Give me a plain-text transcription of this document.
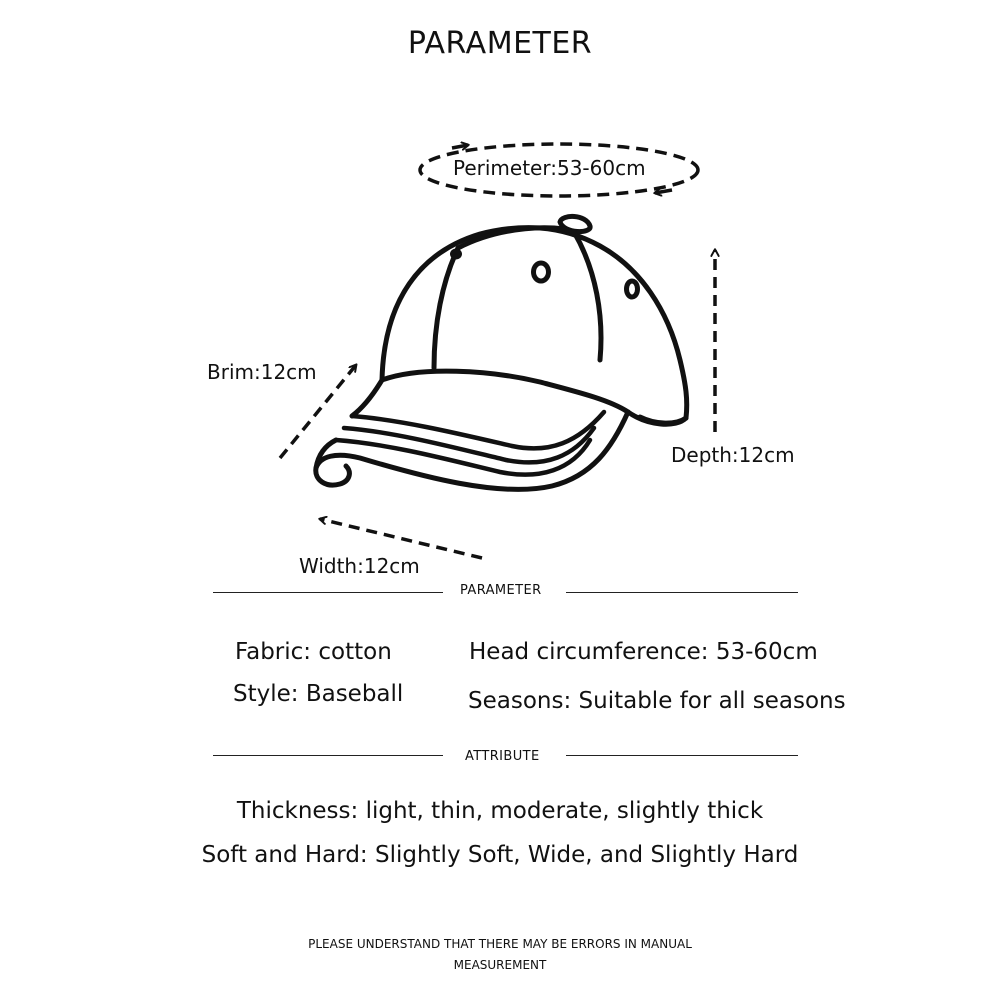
PARAMETER
Perimeter:53-60cm
Brim:12cm
Depth:12cm
Width:12cm
PARAMETER
Fabric: cotton
Style: Baseball
Head circumference: 53-60cm
Seasons: Suitable for all seasons
ATTRIBUTE
Thickness: light, thin, moderate, slightly thick
Soft and Hard: Slightly Soft, Wide, and Slightly Hard
PLEASE UNDERSTAND THAT THERE MAY BE ERRORS IN MANUAL
MEASUREMENT
